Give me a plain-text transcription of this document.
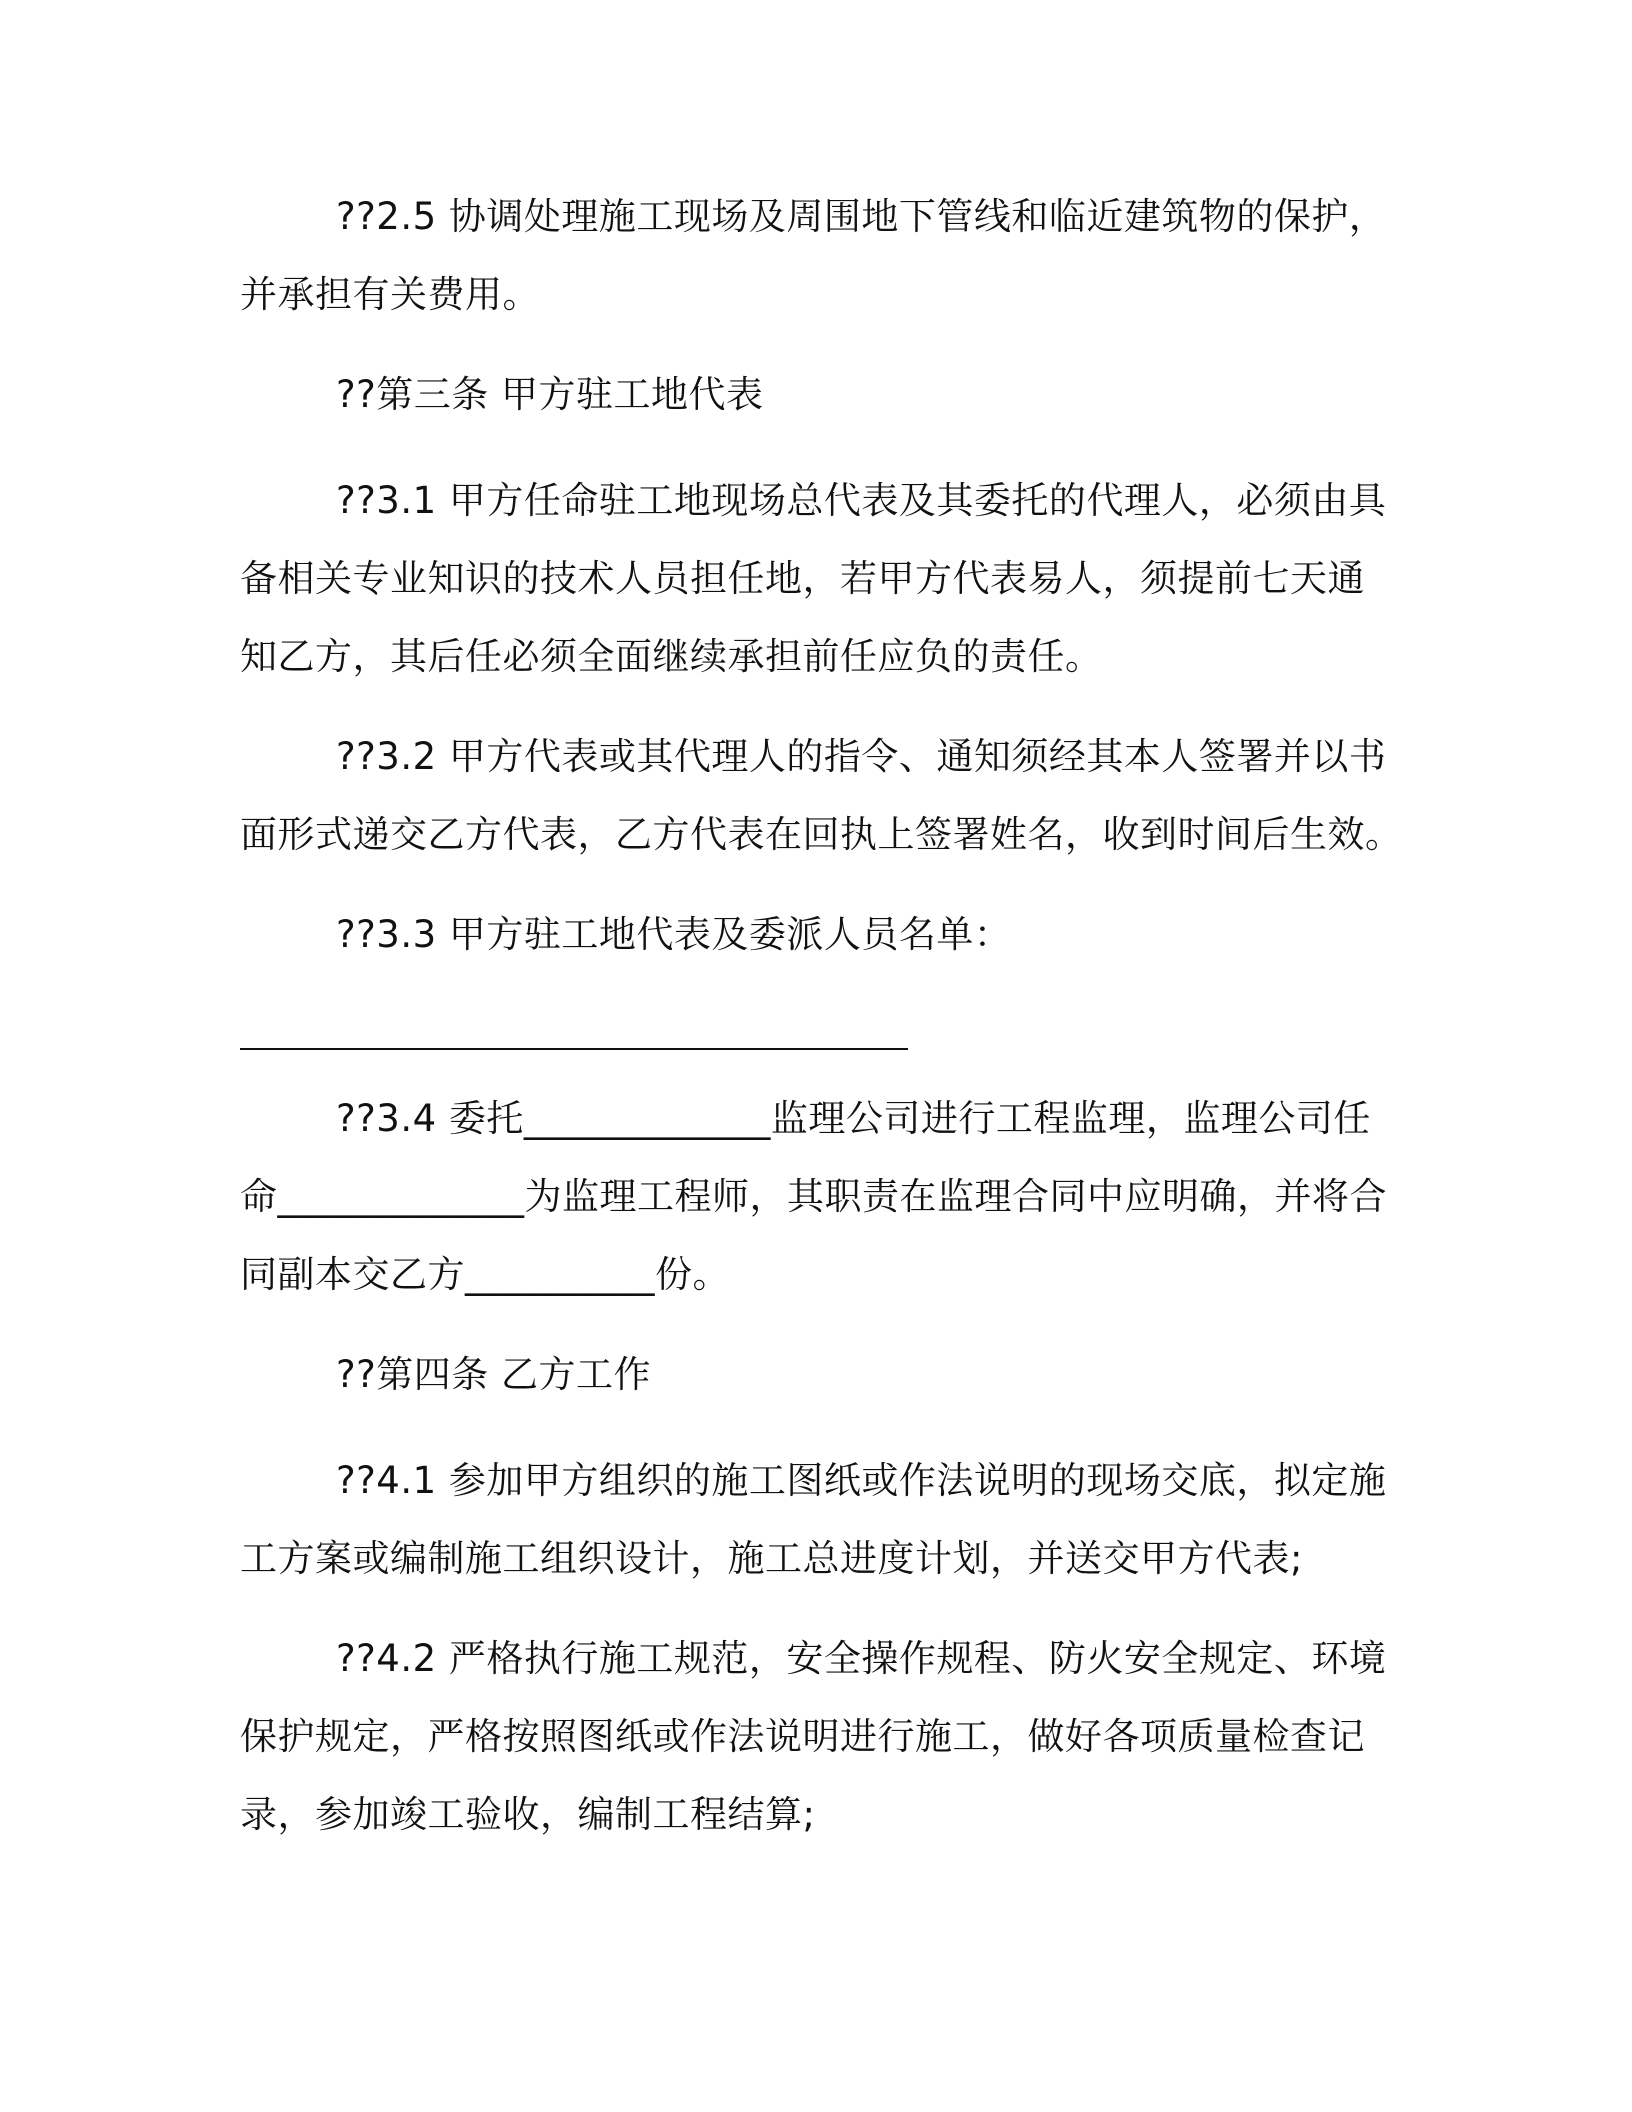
??2.5 协调处理施工现场及周围地下管线和临近建筑物的保护，
并承担有关费用。
??第三条 甲方驻工地代表
??3.1 甲方任命驻工地现场总代表及其委托的代理人，必须由具
备相关专业知识的技术人员担任地，若甲方代表易人，须提前七天通
知乙方，其后任必须全面继续承担前任应负的责任。
??3.2 甲方代表或其代理人的指令、通知须经其本人签署并以书
面形式递交乙方代表，乙方代表在回执上签署姓名，收到时间后生效。
??3.3 甲方驻工地代表及委派人员名单：
??3.4 委托_____________监理公司进行工程监理，监理公司任
命_____________为监理工程师，其职责在监理合同中应明确，并将合
同副本交乙方__________份。
??第四条 乙方工作
??4.1 参加甲方组织的施工图纸或作法说明的现场交底，拟定施
工方案或编制施工组织设计，施工总进度计划，并送交甲方代表;
??4.2 严格执行施工规范，安全操作规程、防火安全规定、环境
保护规定，严格按照图纸或作法说明进行施工，做好各项质量检查记
录，参加竣工验收，编制工程结算;
